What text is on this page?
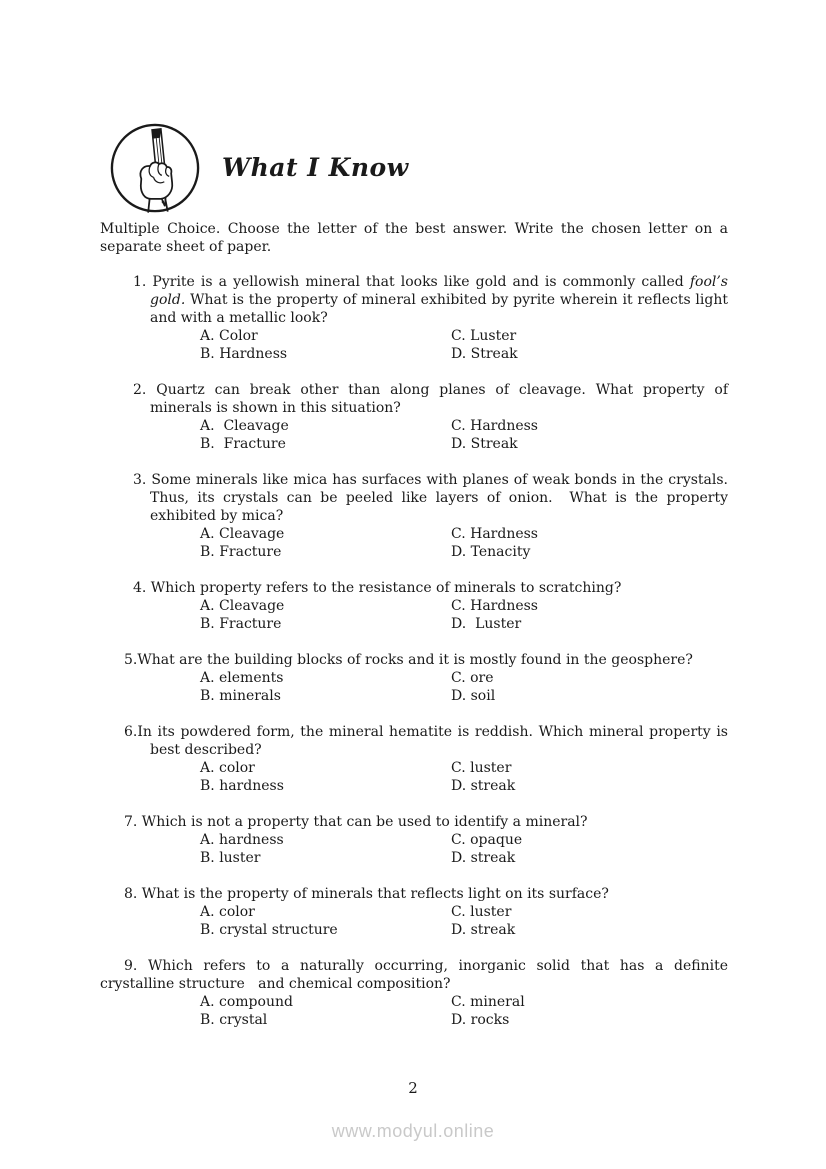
What I Know

Multiple Choice. Choose the letter of the best answer. Write the chosen letter on a separate sheet of paper.

1. Pyrite is a yellowish mineral that looks like gold and is commonly called fool’s gold. What is the property of mineral exhibited by pyrite wherein it reflects light and with a metallic look?
A. Color
B. Hardness
C. Luster
D. Streak
2. Quartz can break other than along planes of cleavage. What property of minerals is shown in this situation?
A.  Cleavage
B.  Fracture
C. Hardness
D. Streak
3. Some minerals like mica has surfaces with planes of weak bonds in the crystals. Thus, its crystals can be peeled like layers of onion.  What is the property exhibited by mica?
A. Cleavage
B. Fracture
C. Hardness
D. Tenacity
4. Which property refers to the resistance of minerals to scratching?
A. Cleavage
B. Fracture
C. Hardness
D.  Luster
5.What are the building blocks of rocks and it is mostly found in the geosphere?
A. elements
B. minerals
C. ore
D. soil
6.In its powdered form, the mineral hematite is reddish. Which mineral property is best described?
A. color
B. hardness
C. luster
D. streak
7. Which is not a property that can be used to identify a mineral?
A. hardness
B. luster
C. opaque
D. streak
8. What is the property of minerals that reflects light on its surface?
A. color
B. crystal structure
C. luster
D. streak
9. Which refers to a naturally occurring, inorganic solid that has a definite crystalline structure   and chemical composition?
A. compound
B. crystal
C. mineral
D. rocks
2
www.modyul.online
